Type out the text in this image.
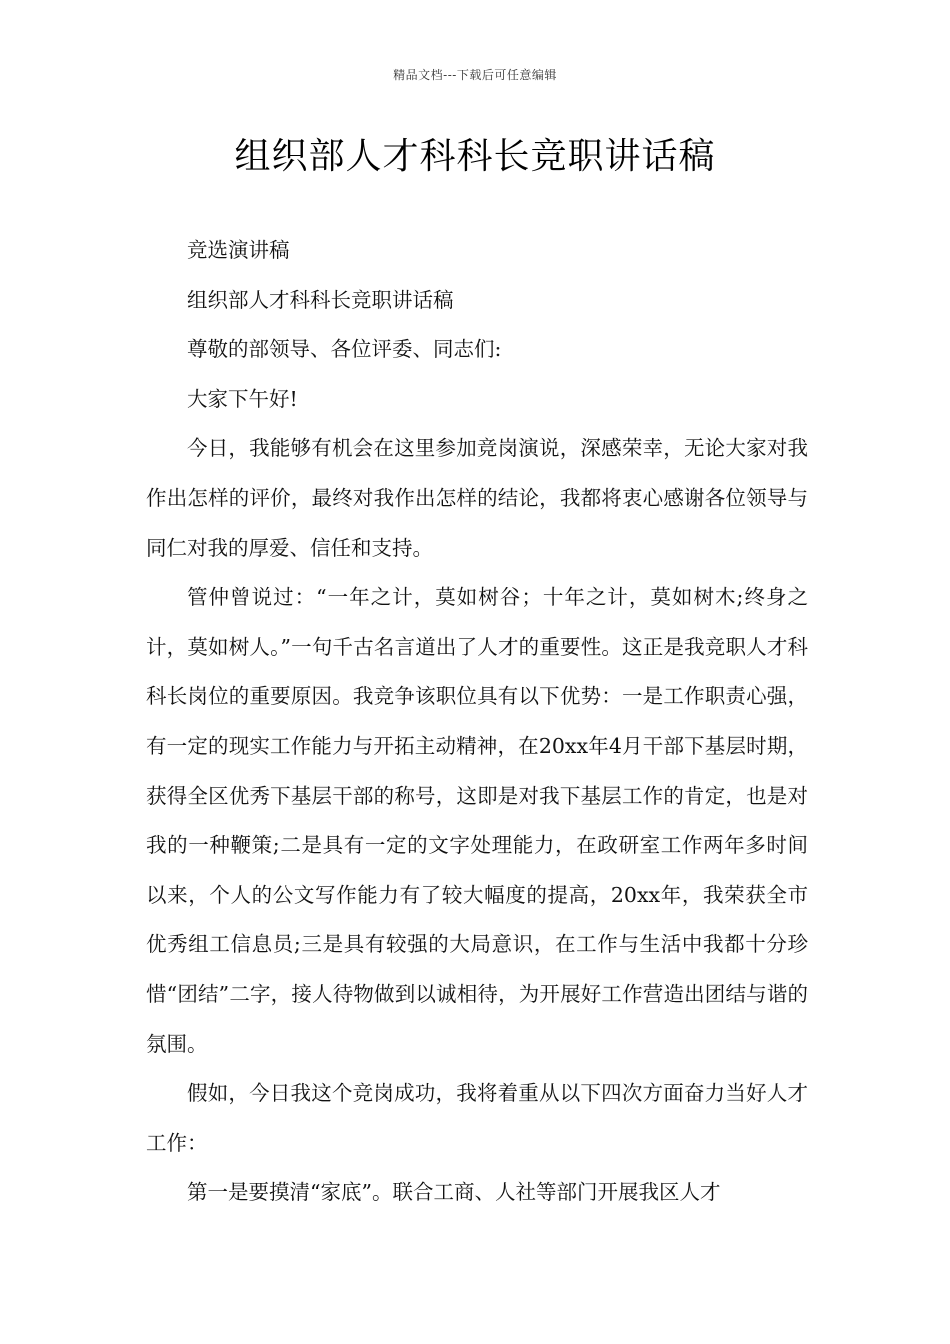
精品文档---下载后可任意编辑
组织部人才科科长竞职讲话稿

竞选演讲稿

组织部人才科科长竞职讲话稿

尊敬的部领导、各位评委、同志们:

大家下午好!

今日，我能够有机会在这里参加竞岗演说，深感荣幸，无论大家对我作出怎样的评价，最终对我作出怎样的结论，我都将衷心感谢各位领导与同仁对我的厚爱、信任和支持。

管仲曾说过：“一年之计，莫如树谷；十年之计，莫如树木;终身之计，莫如树人。”一句千古名言道出了人才的重要性。这正是我竞职人才科科长岗位的重要原因。我竞争该职位具有以下优势：一是工作职责心强，有一定的现实工作能力与开拓主动精神，在20xx年4月干部下基层时期，获得全区优秀下基层干部的称号，这即是对我下基层工作的肯定，也是对我的一种鞭策;二是具有一定的文字处理能力，在政研室工作两年多时间以来，个人的公文写作能力有了较大幅度的提高，20xx年，我荣获全市优秀组工信息员;三是具有较强的大局意识，在工作与生活中我都十分珍惜“团结”二字，接人待物做到以诚相待，为开展好工作营造出团结与谐的氛围。

假如，今日我这个竞岗成功，我将着重从以下四次方面奋力当好人才工作：

第一是要摸清“家底”。联合工商、人社等部门开展我区人才
